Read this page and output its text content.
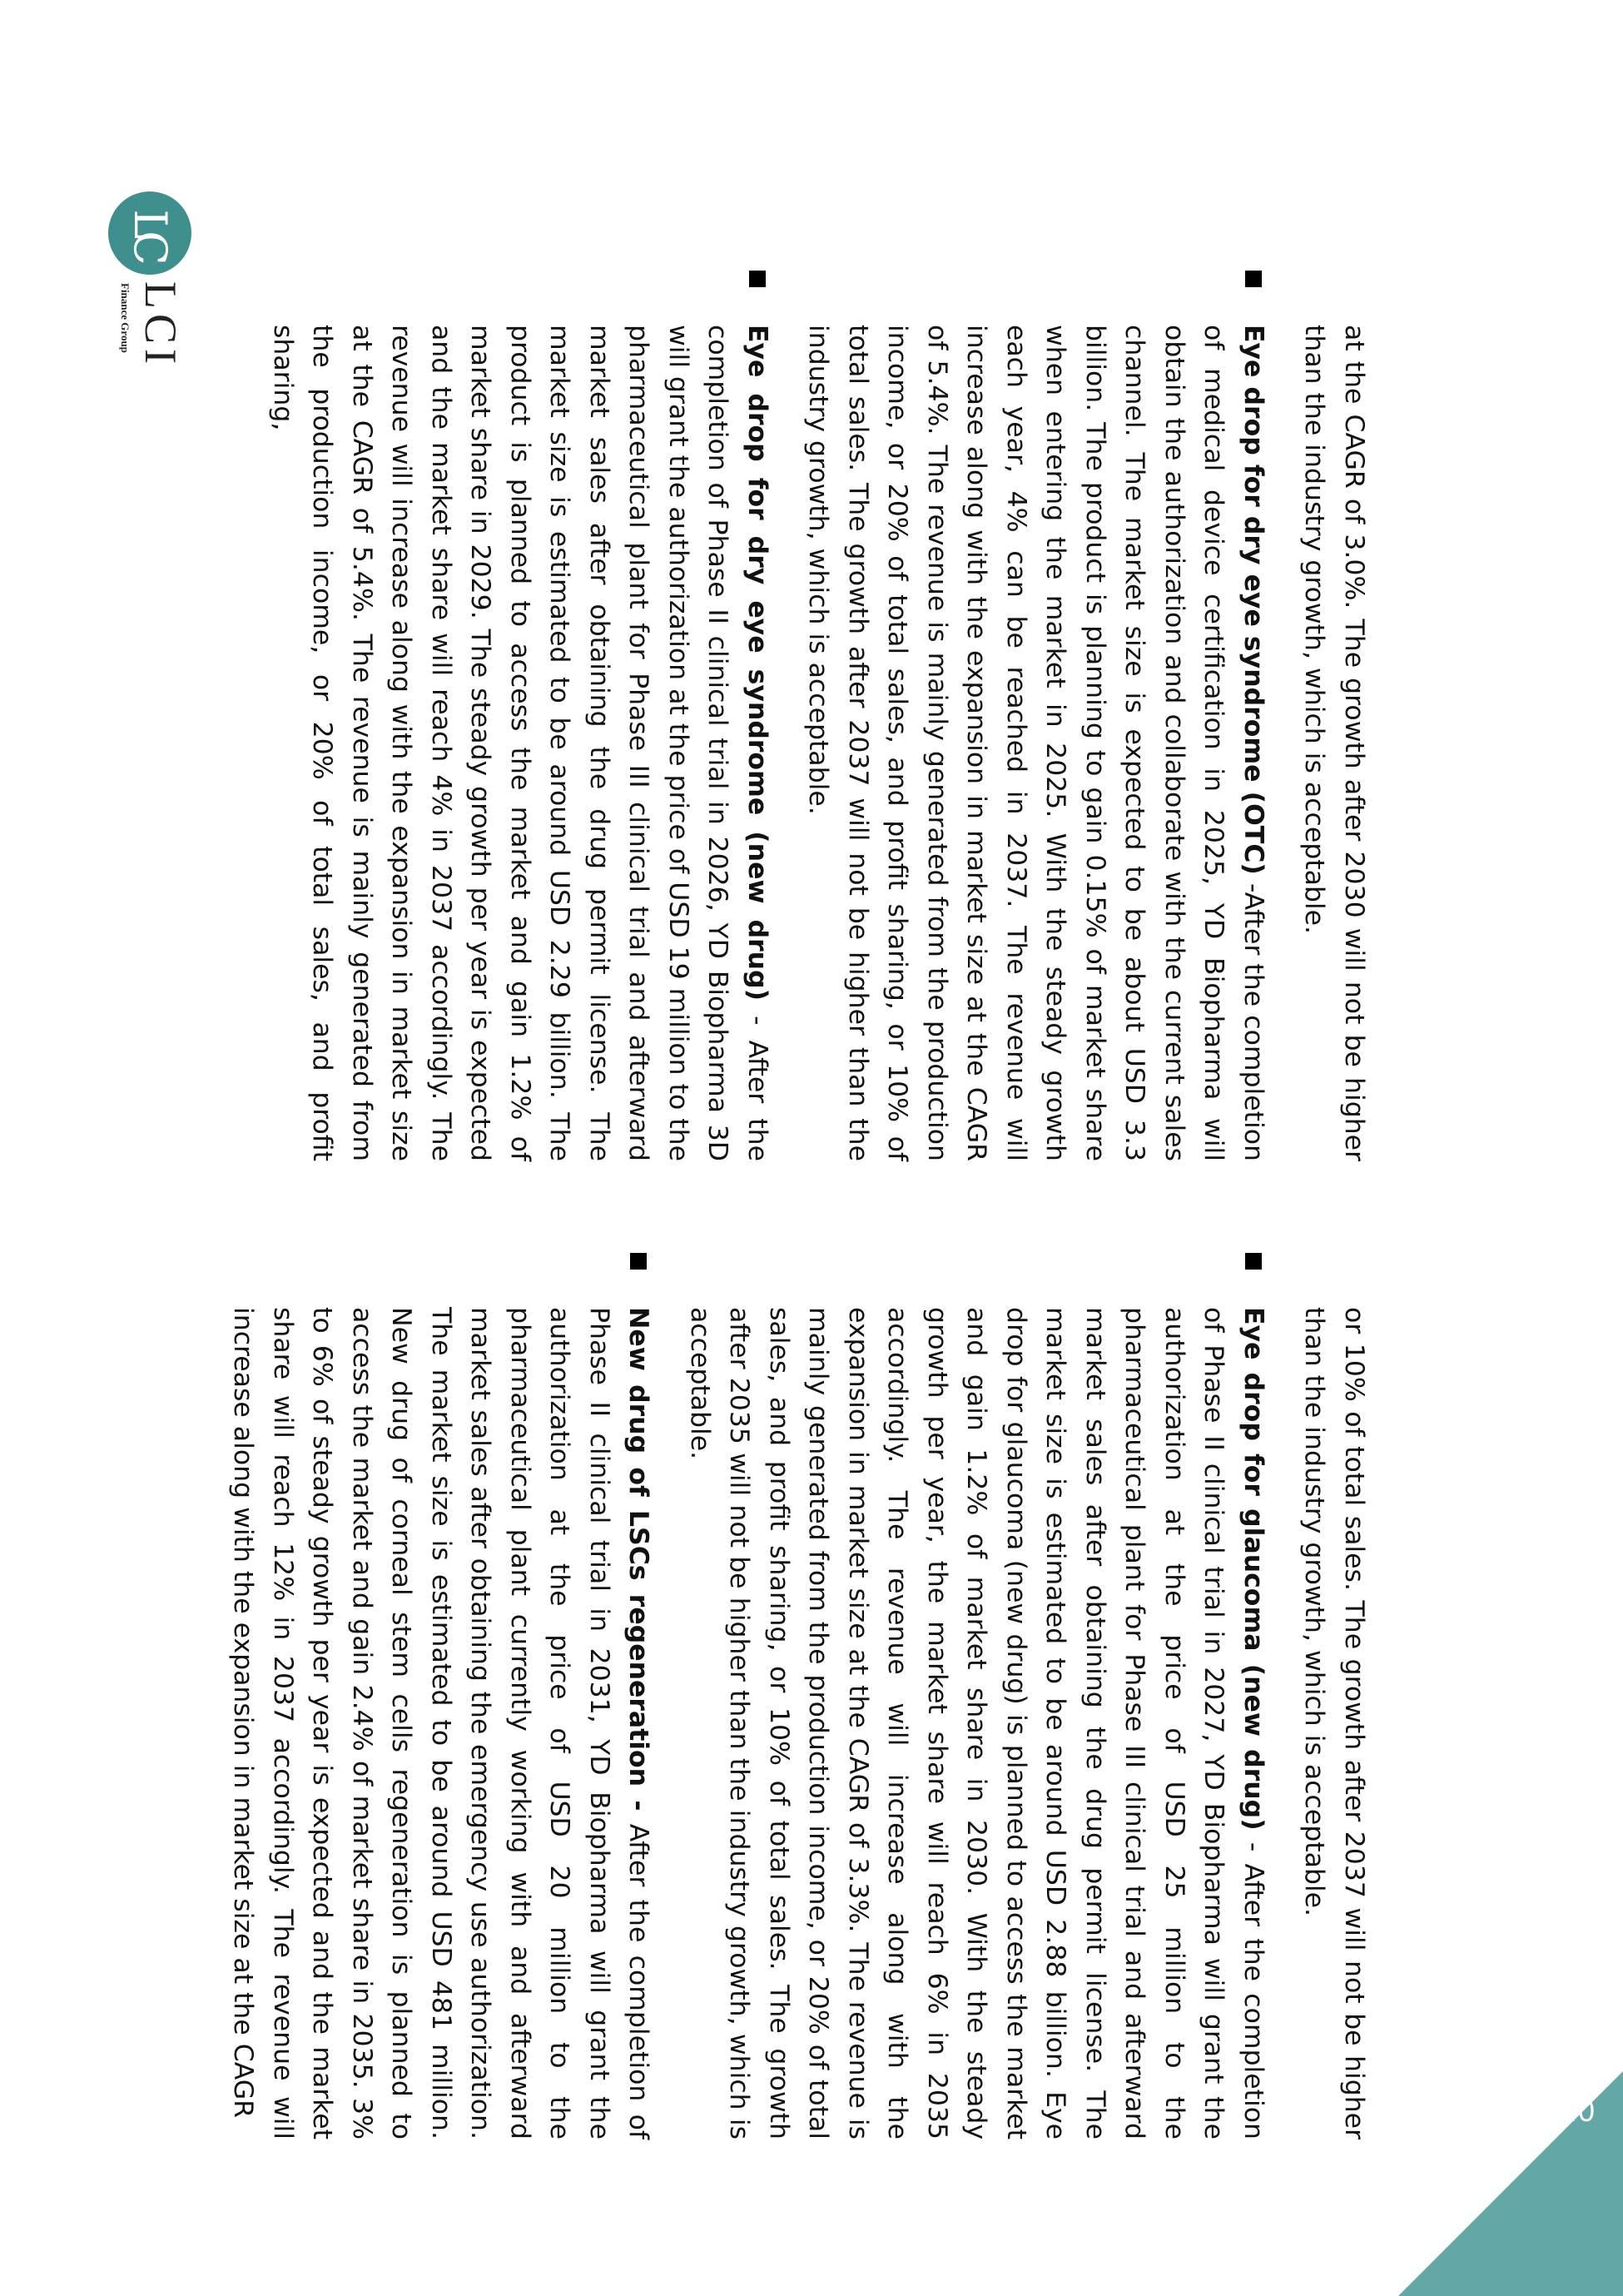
LC
LCI
Finance Group

at the CAGR of 3.0%. The growth after 2030 will not be higher than the industry growth, which is acceptable.

Eye drop for dry eye syndrome (OTC) -After the completion of medical device certification in 2025, YD Biopharma will obtain the authorization and collaborate with the current sales channel. The market size is expected to be about USD 3.3 billion. The product is planning to gain 0.15% of market share when entering the market in 2025. With the steady growth each year, 4% can be reached in 2037. The revenue will increase along with the expansion in market size at the CAGR of 5.4%. The revenue is mainly generated from the production income, or 20% of total sales, and profit sharing, or 10% of total sales. The growth after 2037 will not be higher than the industry growth, which is acceptable.
Eye drop for dry eye syndrome (new drug) - After the completion of Phase II clinical trial in 2026, YD Biopharma 3D will grant the authorization at the price of USD 19 million to the pharmaceutical plant for Phase III clinical trial and afterward market sales after obtaining the drug permit license. The market size is estimated to be around USD 2.29 billion. The product is planned to access the market and gain 1.2% of market share in 2029. The steady growth per year is expected and the market share will reach 4% in 2037 accordingly. The revenue will increase along with the expansion in market size at the CAGR of 5.4%. The revenue is mainly generated from the production income, or 20% of total sales, and profit sharing,

or 10% of total sales. The growth after 2037 will not be higher than the industry growth, which is acceptable.

Eye drop for glaucoma (new drug) - After the completion of Phase II clinical trial in 2027, YD Biopharma will grant the authorization at the price of USD 25 million to the pharmaceutical plant for Phase III clinical trial and afterward market sales after obtaining the drug permit license. The market size is estimated to be around USD 2.88 billion. Eye drop for glaucoma (new drug) is planned to access the market and gain 1.2% of market share in 2030. With the steady growth per year, the market share will reach 6% in 2035 accordingly. The revenue will increase along with the expansion in market size at the CAGR of 3.3%. The revenue is mainly generated from the production income, or 20% of total sales, and profit sharing, or 10% of total sales. The growth after 2035 will not be higher than the industry growth, which is acceptable.
New drug of LSCs regeneration - After the completion of Phase II clinical trial in 2031, YD Biopharma will grant the authorization at the price of USD 20 million to the pharmaceutical plant currently working with and afterward market sales after obtaining the emergency use authorization. The market size is estimated to be around USD 481 million. New drug of corneal stem cells regeneration is planned to access the market and gain 2.4% of market share in 2035. 3% to 6% of steady growth per year is expected and the market share will reach 12% in 2037 accordingly. The revenue will increase along with the expansion in market size at the CAGR	40
